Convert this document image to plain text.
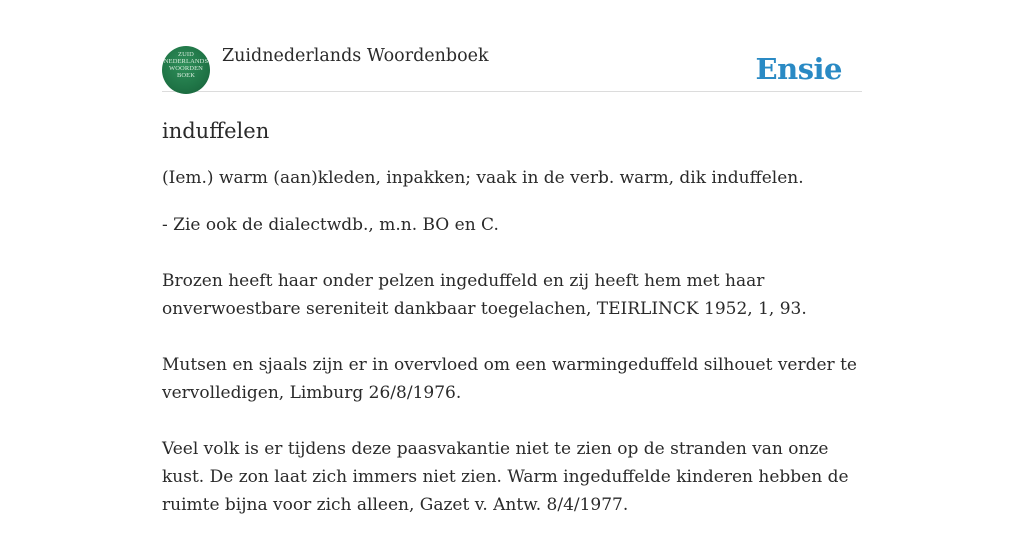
ZUID
NEDERLANDS
WOORDEN
BOEK
Zuidnederlands Woordenboek	Ensie
induffelen

(Iem.) warm (aan)kleden, inpakken; vaak in de verb. warm, dik induffelen.

- Zie ook de dialectwdb., m.n. BO en C.

Brozen heeft haar onder pelzen ingeduffeld en zij heeft hem met haar onverwoestbare sereniteit dankbaar toegelachen, TEIRLINCK 1952, 1, 93.

Mutsen en sjaals zijn er in overvloed om een warmingeduffeld silhouet verder te vervolledigen, Limburg 26/8/1976.

Veel volk is er tijdens deze paasvakantie niet te zien op de stranden van onze kust. De zon laat zich immers niet zien. Warm ingeduffelde kinderen hebben de ruimte bijna voor zich alleen, Gazet v. Antw. 8/4/1977.
